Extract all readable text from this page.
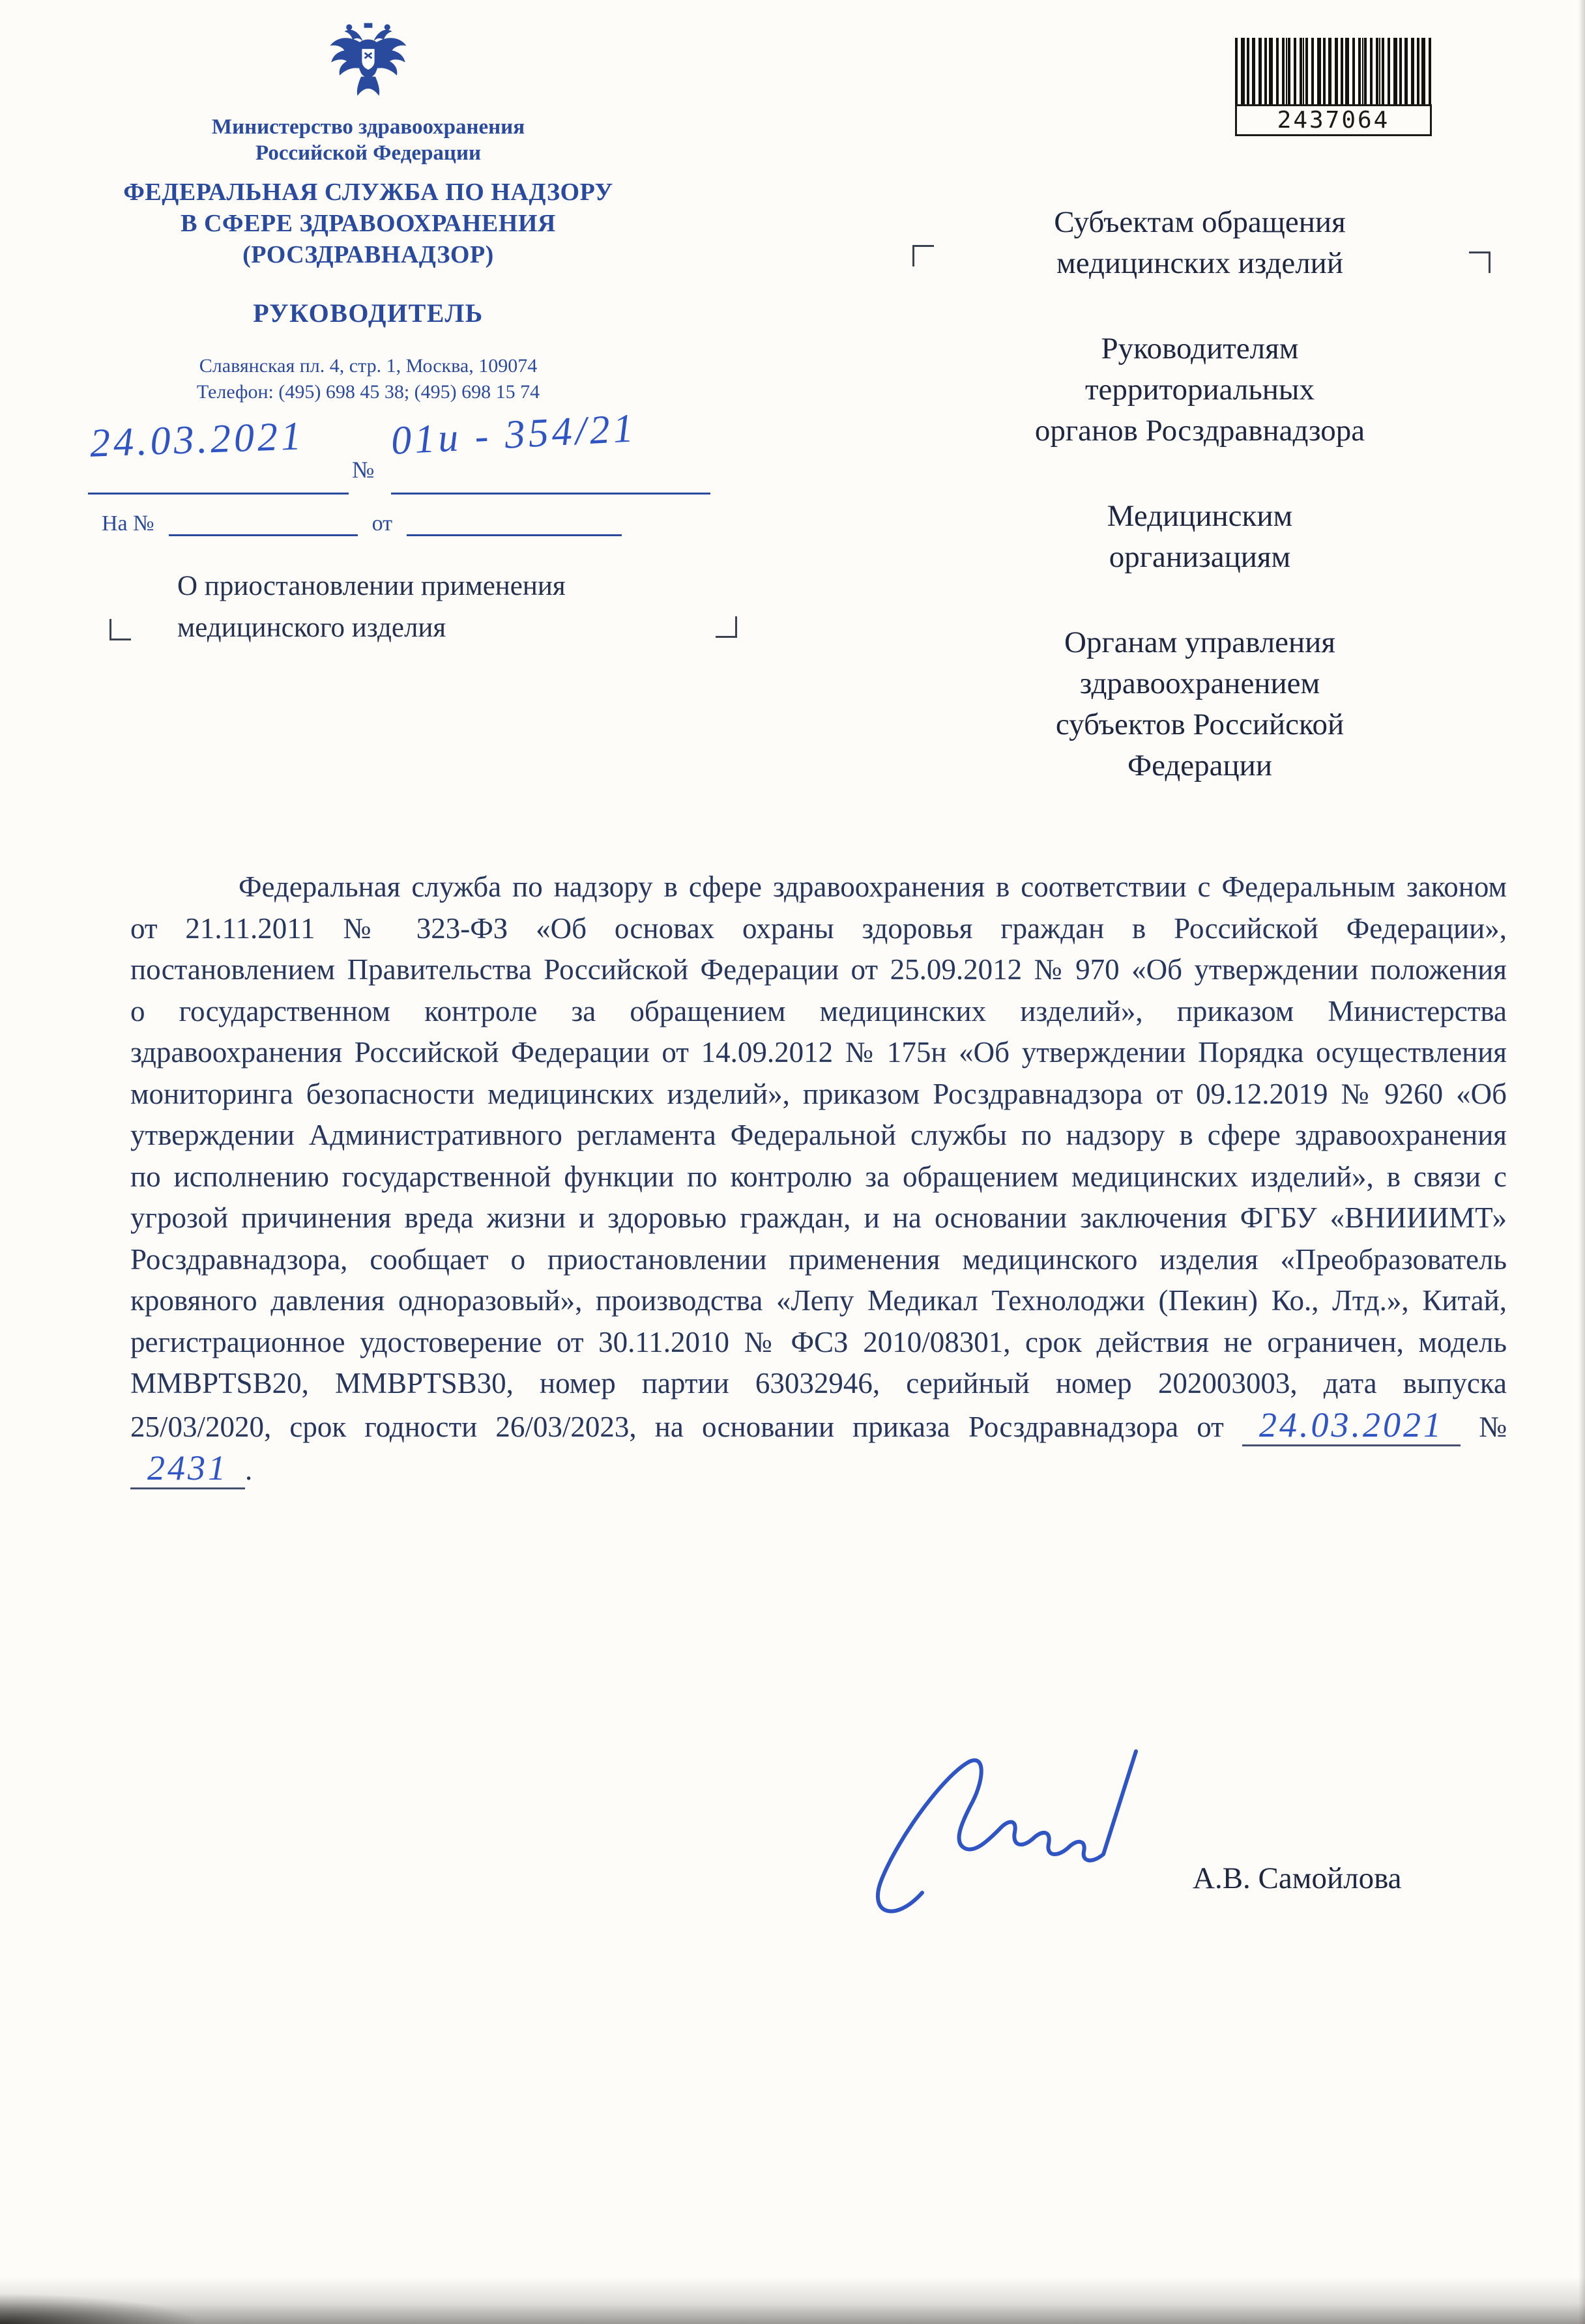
Министерство здравоохранения
Российской Федерации
ФЕДЕРАЛЬНАЯ СЛУЖБА ПО НАДЗОРУ
В СФЕРЕ ЗДРАВООХРАНЕНИЯ
(РОСЗДРАВНАДЗОР)
РУКОВОДИТЕЛЬ
Славянская пл. 4, стр. 1, Москва, 109074
Телефон: (495) 698 45 38; (495) 698 15 74
24.03.2021
№
01и - 354/21
На №	от
О приостановлении применения
медицинского изделия
2437064

Субъектам обращения
медицинских изделий

Руководителям
территориальных
органов Росздравнадзора

Медицинским
организациям

Органам управления
здравоохранением
субъектов Российской
Федерации

Федеральная служба по надзору в сфере здравоохранения в соответствии с Федеральным законом от 21.11.2011 № 323-ФЗ «Об основах охраны здоровья граждан в Российской Федерации», постановлением Правительства Российской Федерации от 25.09.2012 № 970 «Об утверждении положения о государственном контроле за обращением медицинских изделий», приказом Министерства здравоохранения Российской Федерации от 14.09.2012 № 175н «Об утверждении Порядка осуществления мониторинга безопасности медицинских изделий», приказом Росздравнадзора от 09.12.2019 № 9260 «Об утверждении Административного регламента Федеральной службы по надзору в сфере здравоохранения по исполнению государственной функции по контролю за обращением медицинских изделий», в связи с угрозой причинения вреда жизни и здоровью граждан, и на основании заключения ФГБУ «ВНИИИМТ» Росздравнадзора, сообщает о приостановлении применения медицинского изделия «Преобразователь кровяного давления одноразовый», производства «Лепу Медикал Технолоджи (Пекин) Ко., Лтд.», Китай, регистрационное удостоверение от 30.11.2010 № ФСЗ 2010/08301, срок действия не ограничен, модель MMBPTSB20, MMBPTSB30, номер партии 63032946, серийный номер 202003003, дата выпуска 25/03/2020, срок годности 26/03/2023, на основании приказа Росздравнадзора от 24.03.2021 № 2431 .

А.В. Самойлова
